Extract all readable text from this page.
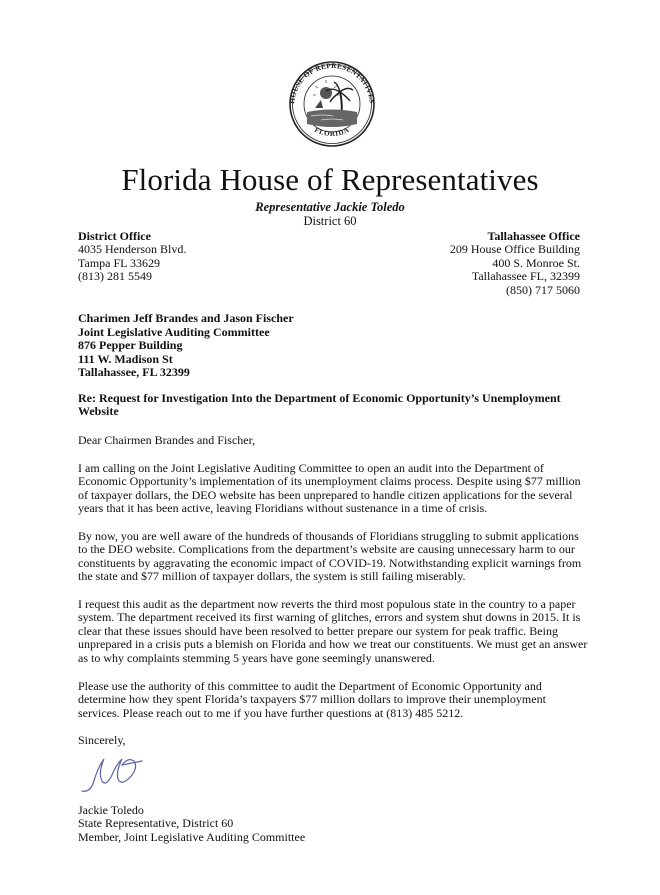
HOUSE OF REPRESENTATIVES
FLORIDA
Florida House of Representatives
Representative Jackie Toledo
District 60
District Office
4035 Henderson Blvd.
Tampa FL 33629
(813) 281 5549
Tallahassee Office
209 House Office Building
400 S. Monroe St.
Tallahassee FL, 32399
(850) 717 5060
Charimen Jeff Brandes and Jason Fischer
Joint Legislative Auditing Committee
876 Pepper Building
111 W. Madison St
Tallahassee, FL 32399
Re: Request for Investigation Into the Department of Economic Opportunity’s Unemployment
Website
Dear Chairmen Brandes and Fischer,
I am calling on the Joint Legislative Auditing Committee to open an audit into the Department of
Economic Opportunity’s implementation of its unemployment claims process. Despite using $77 million
of taxpayer dollars, the DEO website has been unprepared to handle citizen applications for the several
years that it has been active, leaving Floridians without sustenance in a time of crisis.
By now, you are well aware of the hundreds of thousands of Floridians struggling to submit applications
to the DEO website. Complications from the department’s website are causing unnecessary harm to our
constituents by aggravating the economic impact of COVID-19. Notwithstanding explicit warnings from
the state and $77 million of taxpayer dollars, the system is still failing miserably.
I request this audit as the department now reverts the third most populous state in the country to a paper
system. The department received its first warning of glitches, errors and system shut downs in 2015. It is
clear that these issues should have been resolved to better prepare our system for peak traffic. Being
unprepared in a crisis puts a blemish on Florida and how we treat our constituents. We must get an answer
as to why complaints stemming 5 years have gone seemingly unanswered.
Please use the authority of this committee to audit the Department of Economic Opportunity and
determine how they spent Florida’s taxpayers $77 million dollars to improve their unemployment
services. Please reach out to me if you have further questions at (813) 485 5212.
Sincerely,
Jackie Toledo
State Representative, District 60
Member, Joint Legislative Auditing Committee
